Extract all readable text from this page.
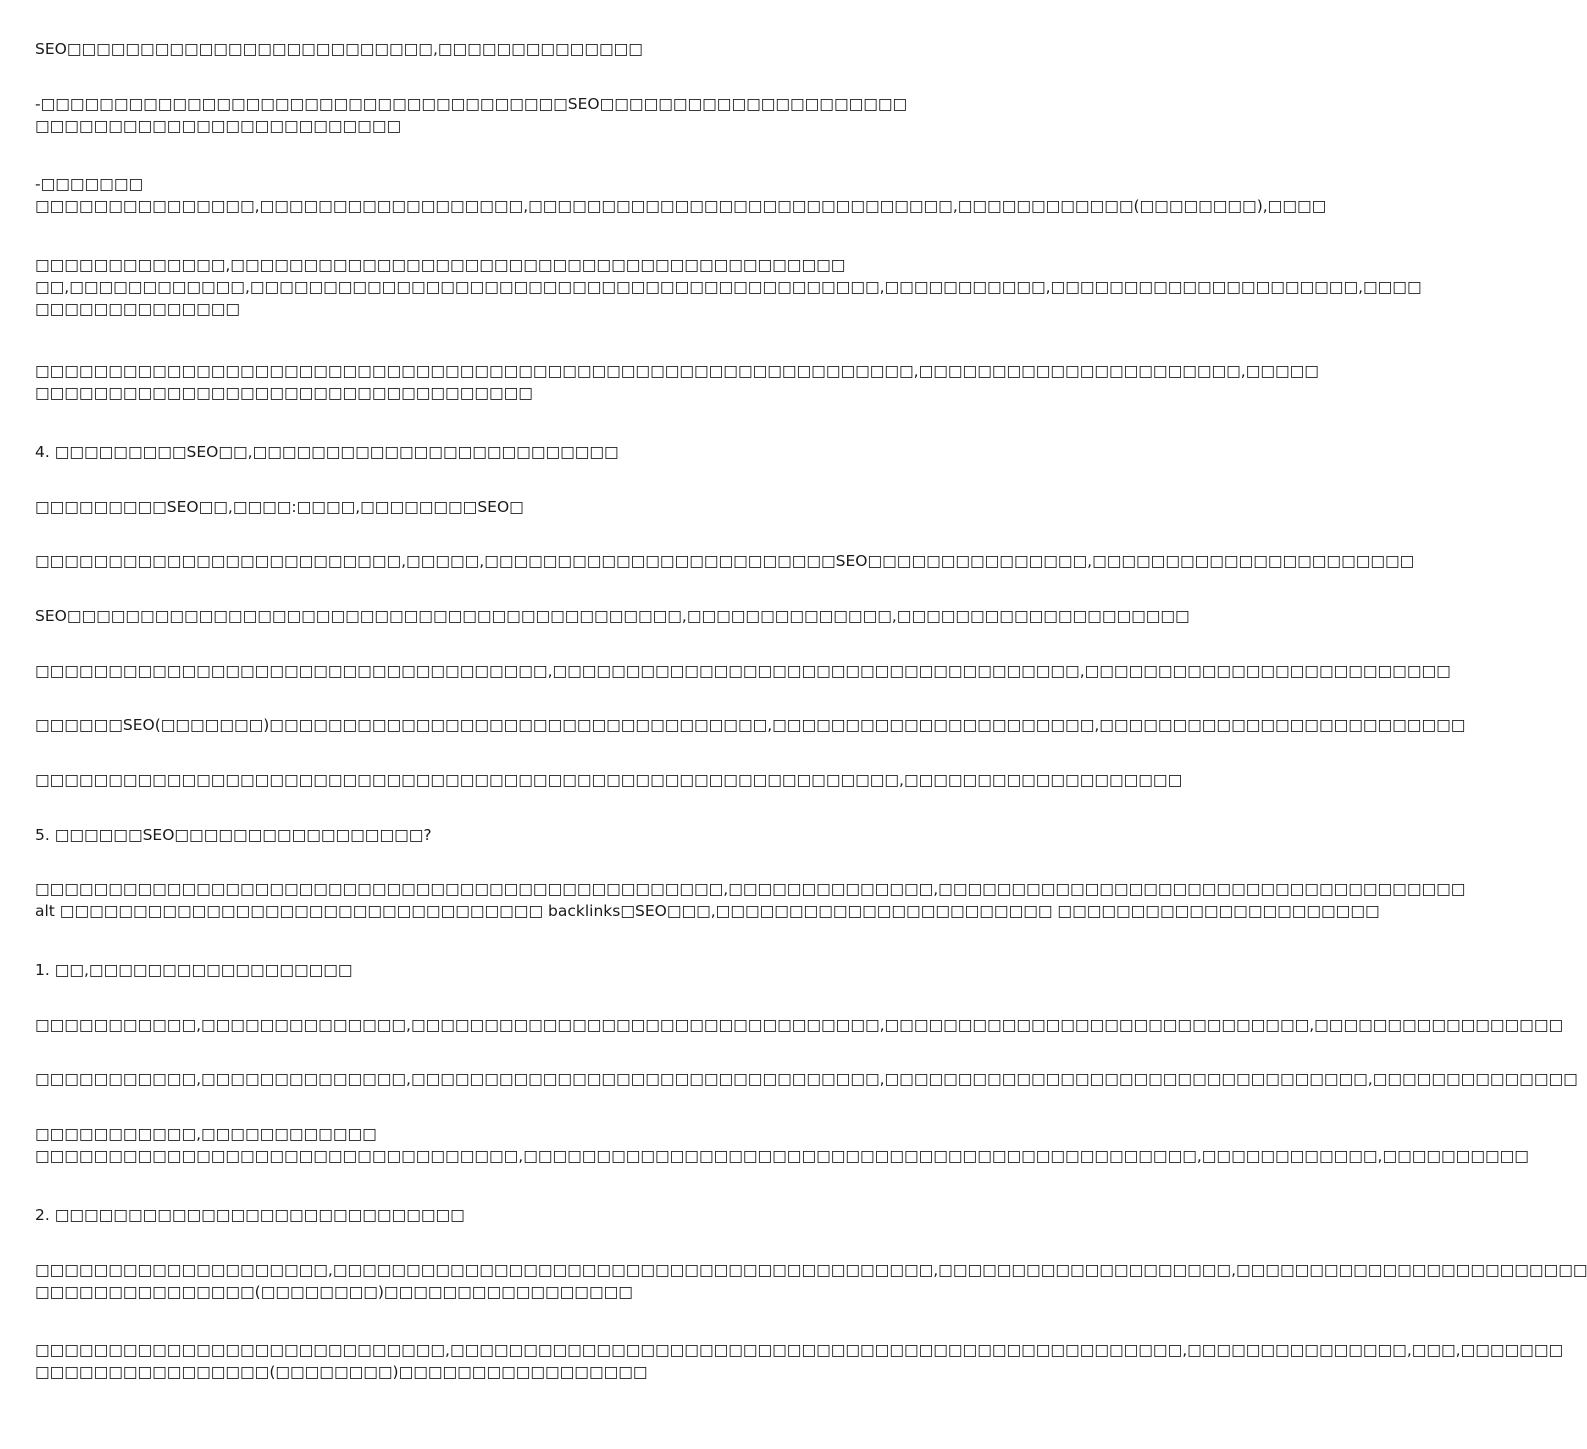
SEO□□□□□□□□□□□□□□□□□□□□□□□□□,□□□□□□□□□□□□□□
-□□□□□□□□□□□□□□□□□□□□□□□□□□□□□□□□□□□□SEO□□□□□□□□□□□□□□□□□□□□□
□□□□□□□□□□□□□□□□□□□□□□□□□
-□□□□□□□
□□□□□□□□□□□□□□□,□□□□□□□□□□□□□□□□□□,□□□□□□□□□□□□□□□□□□□□□□□□□□□□□,□□□□□□□□□□□□(□□□□□□□□),□□□□
□□□□□□□□□□□□□,□□□□□□□□□□□□□□□□□□□□□□□□□□□□□□□□□□□□□□□□□□
□□,□□□□□□□□□□□□,□□□□□□□□□□□□□□□□□□□□□□□□□□□□□□□□□□□□□□□□□□□,□□□□□□□□□□□,□□□□□□□□□□□□□□□□□□□□□,□□□□
□□□□□□□□□□□□□□
□□□□□□□□□□□□□□□□□□□□□□□□□□□□□□□□□□□□□□□□□□□□□□□□□□□□□□□□□□□□,□□□□□□□□□□□□□□□□□□□□□□,□□□□□
□□□□□□□□□□□□□□□□□□□□□□□□□□□□□□□□□□
4. □□□□□□□□□SEO□□,□□□□□□□□□□□□□□□□□□□□□□□□□
□□□□□□□□□SEO□□,□□□□:□□□□,□□□□□□□□SEO□
□□□□□□□□□□□□□□□□□□□□□□□□□,□□□□□,□□□□□□□□□□□□□□□□□□□□□□□□SEO□□□□□□□□□□□□□□□,□□□□□□□□□□□□□□□□□□□□□□
SEO□□□□□□□□□□□□□□□□□□□□□□□□□□□□□□□□□□□□□□□□□□,□□□□□□□□□□□□□□,□□□□□□□□□□□□□□□□□□□□
□□□□□□□□□□□□□□□□□□□□□□□□□□□□□□□□□□□,□□□□□□□□□□□□□□□□□□□□□□□□□□□□□□□□□□□□,□□□□□□□□□□□□□□□□□□□□□□□□□
□□□□□□SEO(□□□□□□□)□□□□□□□□□□□□□□□□□□□□□□□□□□□□□□□□□□,□□□□□□□□□□□□□□□□□□□□□□,□□□□□□□□□□□□□□□□□□□□□□□□□
□□□□□□□□□□□□□□□□□□□□□□□□□□□□□□□□□□□□□□□□□□□□□□□□□□□□□□□□□□□,□□□□□□□□□□□□□□□□□□□
5. □□□□□□SEO□□□□□□□□□□□□□□□□□?
□□□□□□□□□□□□□□□□□□□□□□□□□□□□□□□□□□□□□□□□□□□□□□□,□□□□□□□□□□□□□□,□□□□□□□□□□□□□□□□□□□□□□□□□□□□□□□□□□□□
alt □□□□□□□□□□□□□□□□□□□□□□□□□□□□□□□□□ backlinks□SEO□□□,□□□□□□□□□□□□□□□□□□□□□□□ □□□□□□□□□□□□□□□□□□□□□□
1. □□,□□□□□□□□□□□□□□□□□□
□□□□□□□□□□□,□□□□□□□□□□□□□□,□□□□□□□□□□□□□□□□□□□□□□□□□□□□□□□□,□□□□□□□□□□□□□□□□□□□□□□□□□□□□□,□□□□□□□□□□□□□□□□□
□□□□□□□□□□□,□□□□□□□□□□□□□□,□□□□□□□□□□□□□□□□□□□□□□□□□□□□□□□□,□□□□□□□□□□□□□□□□□□□□□□□□□□□□□□□□□,□□□□□□□□□□□□□□
□□□□□□□□□□□,□□□□□□□□□□□□
□□□□□□□□□□□□□□□□□□□□□□□□□□□□□□□□□,□□□□□□□□□□□□□□□□□□□□□□□□□□□□□□□□□□□□□□□□□□□□□□,□□□□□□□□□□□□,□□□□□□□□□□
2. □□□□□□□□□□□□□□□□□□□□□□□□□□□□
□□□□□□□□□□□□□□□□□□□□,□□□□□□□□□□□□□□□□□□□□□□□□□□□□□□□□□□□□□□□□□,□□□□□□□□□□□□□□□□□□□□,□□□□□□□□□□□□□□□□□□□□□□□□
□□□□□□□□□□□□□□□(□□□□□□□□)□□□□□□□□□□□□□□□□□
□□□□□□□□□□□□□□□□□□□□□□□□□□□□,□□□□□□□□□□□□□□□□□□□□□□□□□□□□□□□□□□□□□□□□□□□□□□□□□□,□□□□□□□□□□□□□□□,□□□,□□□□□□□
□□□□□□□□□□□□□□□□(□□□□□□□□)□□□□□□□□□□□□□□□□□
